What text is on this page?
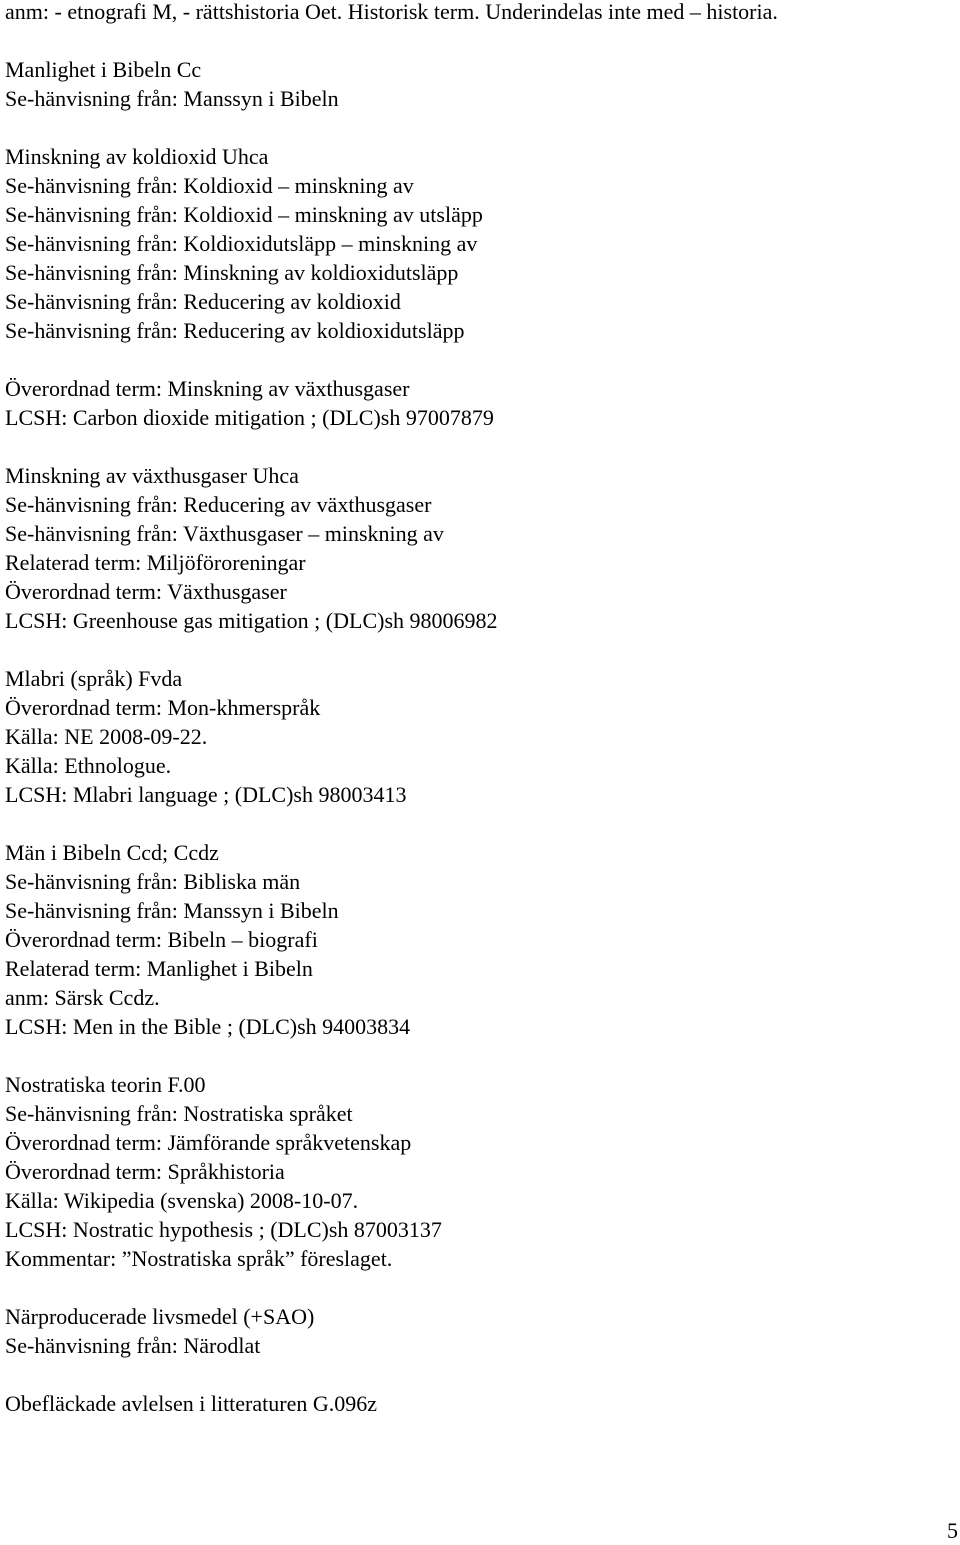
anm: - etnografi M, - rättshistoria Oet. Historisk term. Underindelas inte med – historia.
Manlighet i Bibeln Cc
Se-hänvisning från: Manssyn i Bibeln
Minskning av koldioxid Uhca
Se-hänvisning från: Koldioxid – minskning av
Se-hänvisning från: Koldioxid – minskning av utsläpp
Se-hänvisning från: Koldioxidutsläpp – minskning av
Se-hänvisning från: Minskning av koldioxidutsläpp
Se-hänvisning från: Reducering av koldioxid
Se-hänvisning från: Reducering av koldioxidutsläpp
Överordnad term: Minskning av växthusgaser
LCSH: Carbon dioxide mitigation ; (DLC)sh 97007879
Minskning av växthusgaser Uhca
Se-hänvisning från: Reducering av växthusgaser
Se-hänvisning från: Växthusgaser – minskning av
Relaterad term: Miljöföroreningar
Överordnad term: Växthusgaser
LCSH: Greenhouse gas mitigation ; (DLC)sh 98006982
Mlabri (språk) Fvda
Överordnad term: Mon-khmerspråk
Källa: NE 2008-09-22.
Källa: Ethnologue.
LCSH: Mlabri language ; (DLC)sh 98003413
Män i Bibeln Ccd; Ccdz
Se-hänvisning från: Bibliska män
Se-hänvisning från: Manssyn i Bibeln
Överordnad term: Bibeln – biografi
Relaterad term: Manlighet i Bibeln
anm: Särsk Ccdz.
LCSH: Men in the Bible ; (DLC)sh 94003834
Nostratiska teorin F.00
Se-hänvisning från: Nostratiska språket
Överordnad term: Jämförande språkvetenskap
Överordnad term: Språkhistoria
Källa: Wikipedia (svenska) 2008-10-07.
LCSH: Nostratic hypothesis ; (DLC)sh 87003137
Kommentar: ”Nostratiska språk” föreslaget.
Närproducerade livsmedel (+SAO)
Se-hänvisning från: Närodlat
Obefläckade avlelsen i litteraturen G.096z
5
